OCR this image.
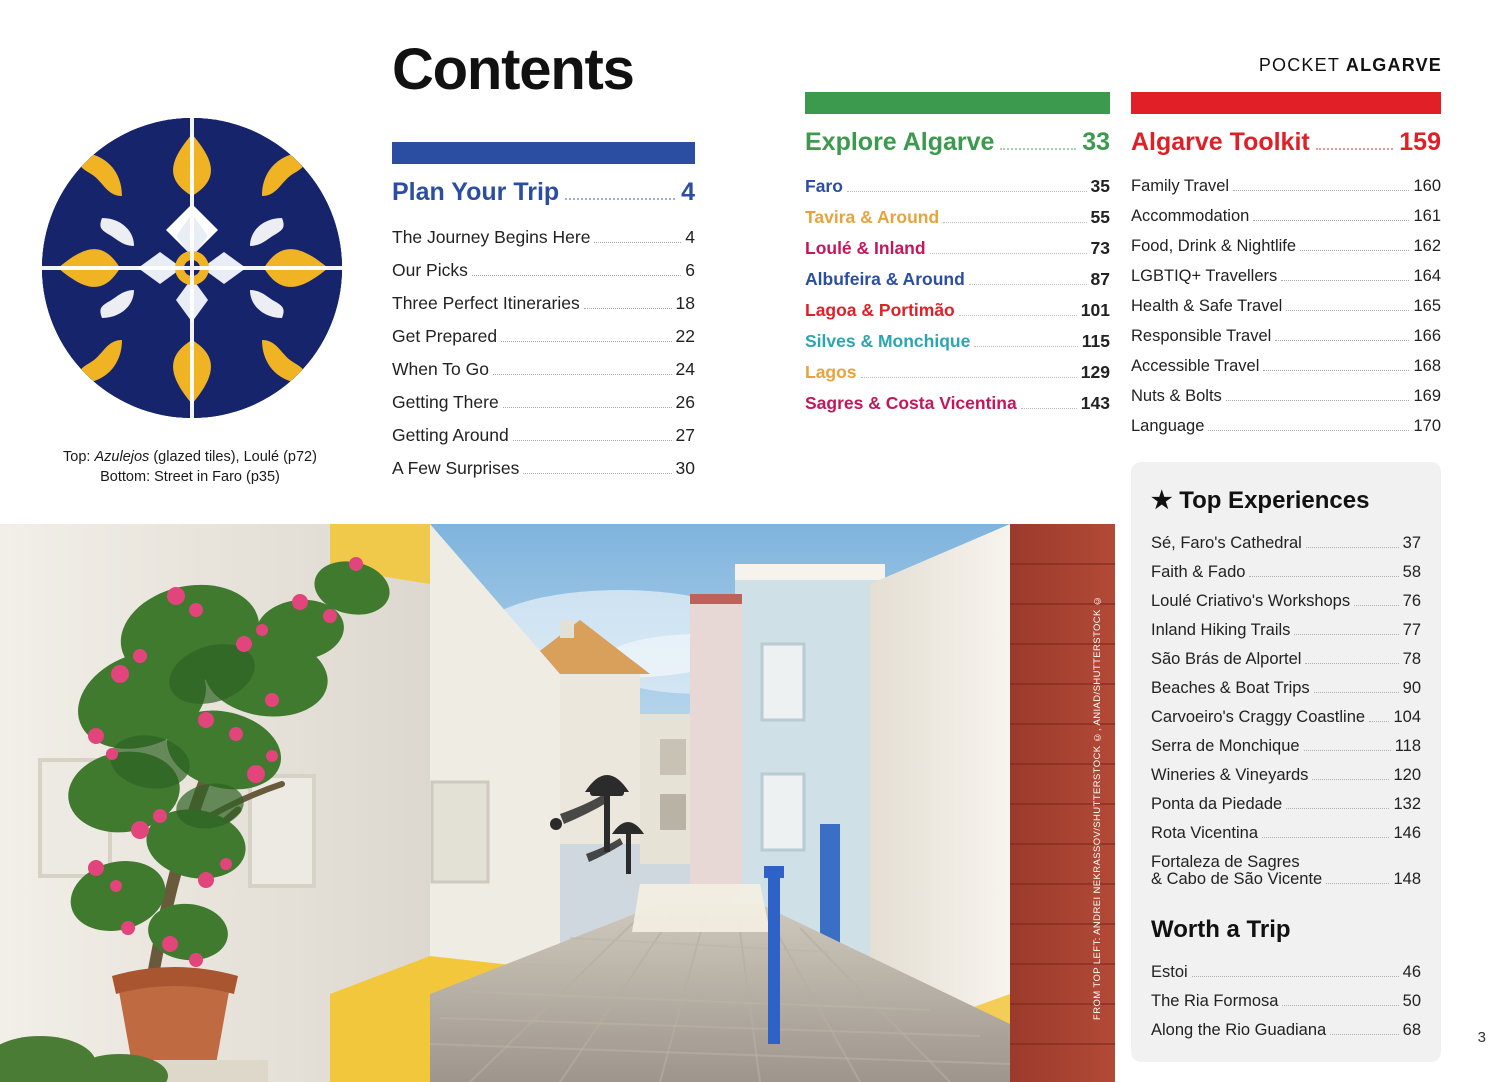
Top: Azulejos (glazed tiles), Loulé (p72)
Bottom: Street in Faro (p35)
Contents	POCKET ALGARVE
Plan Your Trip	4
The Journey Begins Here	4
Our Picks	6
Three Perfect Itineraries	18
Get Prepared	22
When To Go	24
Getting There	26
Getting Around	27
A Few Surprises	30
Explore Algarve	33
Faro	35
Tavira & Around	55
Loulé & Inland	73
Albufeira & Around	87
Lagoa & Portimão	101
Silves & Monchique	115
Lagos	129
Sagres & Costa Vicentina	143
Algarve Toolkit	159
Family Travel	160
Accommodation	161
Food, Drink & Nightlife	162
LGBTIQ+ Travellers	164
Health & Safe Travel	165
Responsible Travel	166
Accessible Travel	168
Nuts & Bolts	169
Language	170
★ Top Experiences
Sé, Faro's Cathedral	37
Faith & Fado	58
Loulé Criativo's Workshops	76
Inland Hiking Trails	77
São Brás de Alportel	78
Beaches & Boat Trips	90
Carvoeiro's Craggy Coastline 104
Serra de Monchique	118
Wineries & Vineyards	120
Ponta da Piedade	132
Rota Vicentina	146
Fortaleza de Sagres
& Cabo de São Vicente	148
Worth a Trip
Estoi	46
The Ria Formosa	50
Along the Rio Guadiana	68
FROM TOP LEFT: ANDREI NEKRASSOV/SHUTTERSTOCK ©, ANIAD/SHUTTERSTOCK ©
3
